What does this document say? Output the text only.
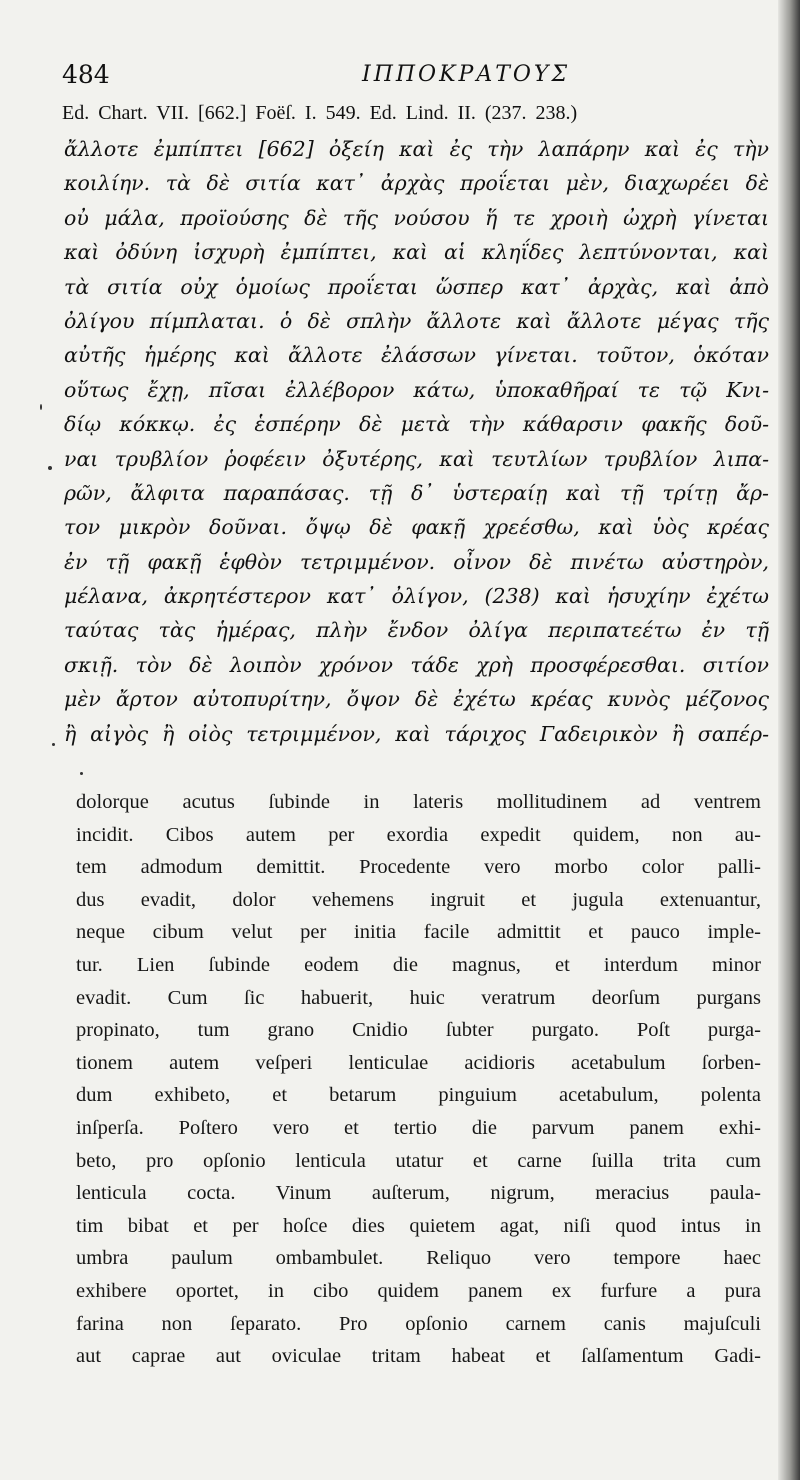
484	ΙΠΠΟΚΡΑΤΟΥΣ
Ed. Chart. VII. [662.] Foëſ. I. 549. Ed. Lind. II. (237. 238.)
ἄλλοτε ἐμπίπτει [662] ὀξείη καὶ ἐς τὴν λαπάρην καὶ ἐς τὴν
κοιλίην. τὰ δὲ σιτία κατ᾽ ἀρχὰς προΐεται μὲν, διαχωρέει δὲ
οὐ μάλα, προϊούσης δὲ τῆς νούσου ἥ τε χροιὴ ὠχρὴ γίνεται
καὶ ὀδύνη ἰσχυρὴ ἐμπίπτει, καὶ αἱ κληΐδες λεπτύνονται, καὶ
τὰ σιτία οὐχ ὁμοίως προΐεται ὥσπερ κατ᾽ ἀρχὰς, καὶ ἀπὸ
ὀλίγου πίμπλαται. ὁ δὲ σπλὴν ἄλλοτε καὶ ἄλλοτε μέγας τῆς
αὐτῆς ἡμέρης καὶ ἄλλοτε ἐλάσσων γίνεται. τοῦτον, ὁκόταν
οὕτως ἔχῃ, πῖσαι ἐλλέβορον κάτω, ὑποκαθῆραί τε τῷ Κνι-
δίῳ κόκκῳ. ἐς ἑσπέρην δὲ μετὰ τὴν κάθαρσιν φακῆς δοῦ-
ναι τρυβλίον ῥοφέειν ὀξυτέρης, καὶ τευτλίων τρυβλίον λιπα-
ρῶν, ἄλφιτα παραπάσας. τῇ δ᾽ ὑστεραίῃ καὶ τῇ τρίτῃ ἄρ-
τον μικρὸν δοῦναι. ὄψῳ δὲ φακῇ χρεέσθω, καὶ ὑὸς κρέας
ἐν τῇ φακῇ ἑφθὸν τετριμμένον. οἶνον δὲ πινέτω αὐστηρὸν,
μέλανα, ἀκρητέστερον κατ᾽ ὀλίγον, (238) καὶ ἡσυχίην ἐχέτω
ταύτας τὰς ἡμέρας, πλὴν ἔνδον ὀλίγα περιπατεέτω ἐν τῇ
σκιῇ. τὸν δὲ λοιπὸν χρόνον τάδε χρὴ προσφέρεσθαι. σιτίον
μὲν ἄρτον αὐτοπυρίτην, ὄψον δὲ ἐχέτω κρέας κυνὸς μέζονος
ἢ αἰγὸς ἢ οἰὸς τετριμμένον, καὶ τάριχος Γαδειρικὸν ἢ σαπέρ-
dolorque acutus ſubinde in lateris mollitudinem ad ventrem
incidit. Cibos autem per exordia expedit quidem, non au-
tem admodum demittit. Procedente vero morbo color palli-
dus evadit, dolor vehemens ingruit et jugula extenuantur,
neque cibum velut per initia facile admittit et pauco imple-
tur. Lien ſubinde eodem die magnus, et interdum minor
evadit. Cum ſic habuerit, huic veratrum deorſum purgans
propinato, tum grano Cnidio ſubter purgato. Poſt purga-
tionem autem veſperi lenticulae acidioris acetabulum ſorben-
dum exhibeto, et betarum pinguium acetabulum, polenta
inſperſa. Poſtero vero et tertio die parvum panem exhi-
beto, pro opſonio lenticula utatur et carne ſuilla trita cum
lenticula cocta. Vinum auſterum, nigrum, meracius paula-
tim bibat et per hoſce dies quietem agat, niſi quod intus in
umbra paulum ombambulet. Reliquo vero tempore haec
exhibere oportet, in cibo quidem panem ex furfure a pura
farina non ſeparato. Pro opſonio carnem canis majuſculi
aut caprae aut oviculae tritam habeat et ſalſamentum Gadi-
